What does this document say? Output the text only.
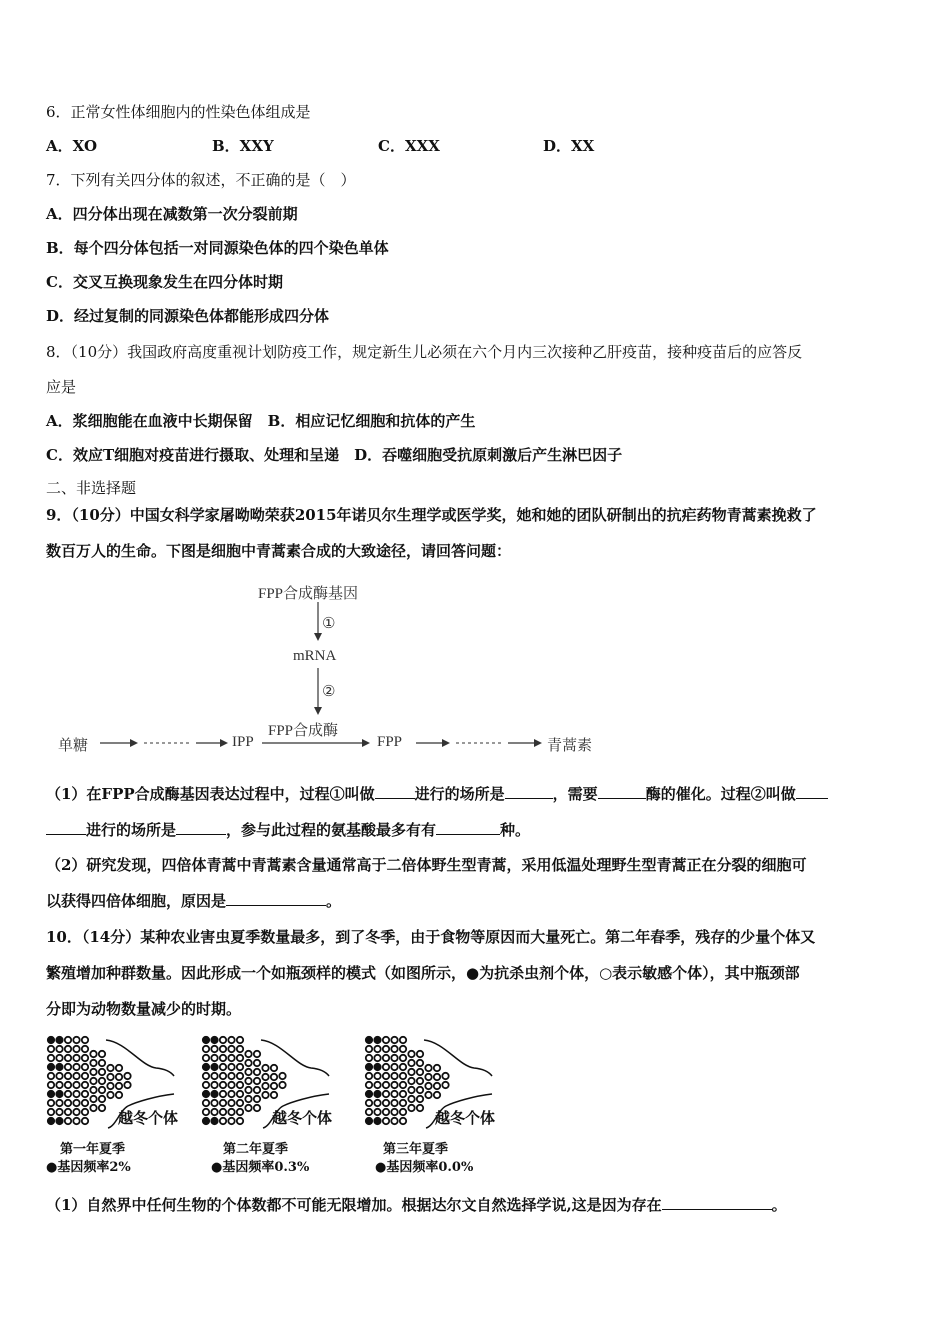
6．正常女性体细胞内的性染色体组成是
A．XO	B．XXY	C．XXX	D．XX
7．下列有关四分体的叙述，不正确的是（　）
A．四分体出现在减数第一次分裂前期
B．每个四分体包括一对同源染色体的四个染色单体
C．交叉互换现象发生在四分体时期
D．经过复制的同源染色体都能形成四分体
8．（10分）我国政府高度重视计划防疫工作，规定新生儿必须在六个月内三次接种乙肝疫苗，接种疫苗后的应答反
应是
A．浆细胞能在血液中长期保留　B．相应记忆细胞和抗体的产生
C．效应T细胞对疫苗进行摄取、处理和呈递　D．吞噬细胞受抗原刺激后产生淋巴因子
二、非选择题
9．（10分）中国女科学家屠呦呦荣获2015年诺贝尔生理学或医学奖，她和她的团队研制出的抗疟药物青蒿素挽救了
数百万人的生命。下图是细胞中青蒿素合成的大致途径，请回答问题：
FPP合成酶基因
①
mRNA
②
FPP合成酶
单糖	IPP	FPP	青蒿素
（1）在FPP合成酶基因表达过程中，过程①叫做	进行的场所是	，需要	酶的催化。过程②叫做
进行的场所是	，参与此过程的氨基酸最多有有	种。
（2）研究发现，四倍体青蒿中青蒿素含量通常高于二倍体野生型青蒿，采用低温处理野生型青蒿正在分裂的细胞可
以获得四倍体细胞，原因是	。
10．（14分）某种农业害虫夏季数量最多，到了冬季，由于食物等原因而大量死亡。第二年春季，残存的少量个体又
繁殖增加种群数量。因此形成一个如瓶颈样的模式（如图所示，●为抗杀虫剂个体，○表示敏感个体），其中瓶颈部
分即为动物数量减少的时期。
越冬个体	越冬个体	越冬个体
第一年夏季	第二年夏季	第三年夏季
●基因频率2%	●基因频率0.3%	●基因频率0.0%
（1）自然界中任何生物的个体数都不可能无限增加。根据达尔文自然选择学说,这是因为存在	。
